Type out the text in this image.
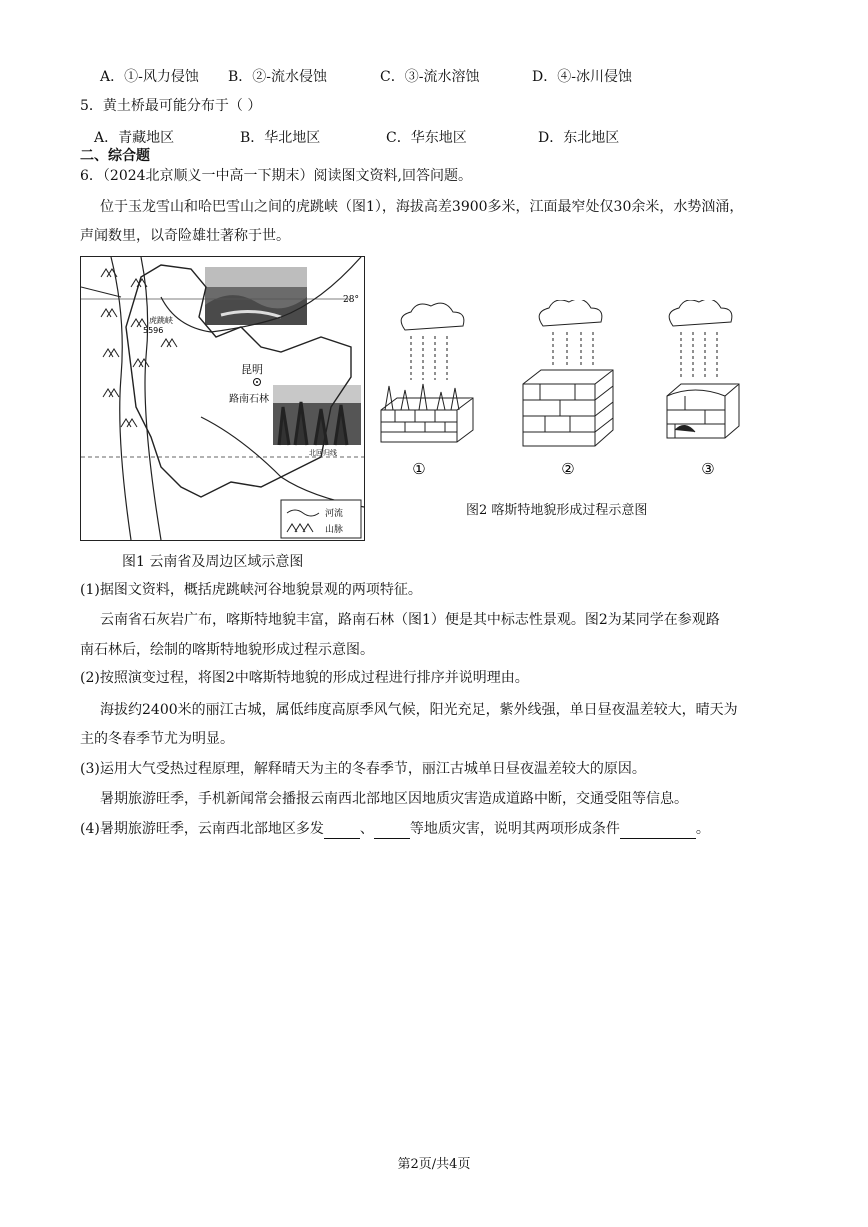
A．①-风力侵蚀	B．②-流水侵蚀	C．③-流水溶蚀	D．④-冰川侵蚀
5．黄土桥最可能分布于（ ）
A．青藏地区	B．华北地区	C．华东地区	D．东北地区
二、综合题
6．（2024北京顺义一中高一下期末）阅读图文资料,回答问题。
位于玉龙雪山和哈巴雪山之间的虎跳峡（图1），海拔高差3900多米，江面最窄处仅30余米，水势汹涌，
声闻数里，以奇险雄壮著称于世。
28°
北回归线
虎跳峡
5596
昆明
路南石林
河流
山脉
图1 云南省及周边区域示意图
①	②	③
图2 喀斯特地貌形成过程示意图
(1)据图文资料，概括虎跳峡河谷地貌景观的两项特征。
云南省石灰岩广布，喀斯特地貌丰富，路南石林（图1）便是其中标志性景观。图2为某同学在参观路
南石林后，绘制的喀斯特地貌形成过程示意图。
(2)按照演变过程，将图2中喀斯特地貌的形成过程进行排序并说明理由。
海拔约2400米的丽江古城，属低纬度高原季风气候，阳光充足，紫外线强，单日昼夜温差较大，晴天为
主的冬春季节尤为明显。
(3)运用大气受热过程原理，解释晴天为主的冬春季节，丽江古城单日昼夜温差较大的原因。
暑期旅游旺季，手机新闻常会播报云南西北部地区因地质灾害造成道路中断，交通受阻等信息。
(4)暑期旅游旺季，云南西北部地区多发	、	等地质灾害，说明其两项形成条件	。
第2页/共4页
